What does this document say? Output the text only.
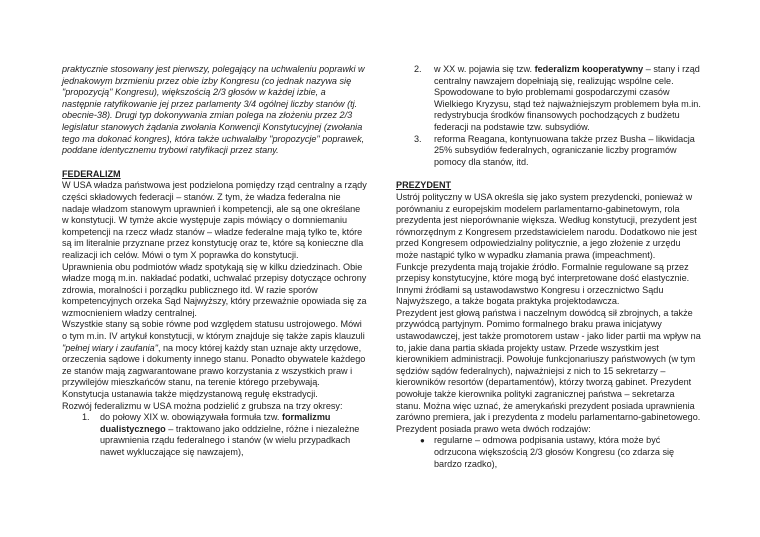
praktycznie stosowany jest pierwszy, polegający na uchwaleniu poprawki w jednakowym brzmieniu przez obie izby Kongresu (co jednak nazywa się "propozycją" Kongresu), większością 2/3 głosów w każdej izbie, a następnie ratyfikowanie jej przez parlamenty 3/4 ogólnej liczby stanów (tj. obecnie-38). Drugi typ dokonywania zmian polega na złożeniu przez 2/3 legislatur stanowych żądania zwołania Konwencji Konstytucyjnej (zwołania tego ma dokonać kongres), która także uchwalałby "propozycje" poprawek, poddane identycznemu trybowi ratyfikacji przez stany.

FEDERALIZM

W USA władza państwowa jest podzielona pomiędzy rząd centralny a rządy części składowych federacji – stanów. Z tym, że władza federalna nie nadaje władzom stanowym uprawnień i kompetencji, ale są one określane w konstytucji. W tymże akcie występuje zapis mówiący o domniemaniu kompetencji na rzecz władz stanów – władze federalne mają tylko te, które są im literalnie przyznane przez konstytucję oraz te, które są konieczne dla realizacji ich celów. Mówi o tym X poprawka do konstytucji.

Uprawnienia obu podmiotów władz spotykają się w kilku dziedzinach. Obie władze mogą m.in. nakładać podatki, uchwalać przepisy dotyczące ochrony zdrowia, moralności i porządku publicznego itd. W razie sporów kompetencyjnych orzeka Sąd Najwyższy, który przeważnie opowiada się za wzmocnieniem władzy centralnej.

Wszystkie stany są sobie równe pod względem statusu ustrojowego. Mówi o tym m.in. IV artykuł konstytucji, w którym znajduje się także zapis klauzuli "pełnej wiary i zaufania", na mocy której każdy stan uznaje akty urzędowe, orzeczenia sądowe i dokumenty innego stanu. Ponadto obywatele każdego ze stanów mają zagwarantowane prawo korzystania z wszystkich praw i przywilejów mieszkańców stanu, na terenie którego przebywają. Konstytucja ustanawia także międzystanową regułę ekstradycji.

Rozwój federalizmu w USA można podzielić z grubsza na trzy okresy:

1. do połowy XIX w. obowiązywała formuła tzw. formalizmu dualistycznego – traktowano jako oddzielne, różne i niezależne uprawnienia rządu federalnego i stanów (w wielu przypadkach nawet wykluczające się nawzajem),
2. w XX w. pojawia się tzw. federalizm kooperatywny – stany i rząd centralny nawzajem dopełniają się, realizując wspólne cele. Spowodowane to było problemami gospodarczymi czasów Wielkiego Kryzysu, stąd też najważniejszym problemem była m.in. redystrybucja środków finansowych pochodzących z budżetu federacji na podstawie tzw. subsydiów.
3. reforma Reagana, kontynuowana także przez Busha – likwidacja 25% subsydiów federalnych, ograniczanie liczby programów pomocy dla stanów, itd.

PREZYDENT

Ustrój polityczny w USA określa się jako system prezydencki, ponieważ w porównaniu z europejskim modelem parlamentarno-gabinetowym, rola prezydenta jest nieporównanie większa. Według konstytucji, prezydent jest równorzędnym z Kongresem przedstawicielem narodu. Dodatkowo nie jest przed Kongresem odpowiedzialny politycznie, a jego złożenie z urzędu może nastąpić tylko w wypadku złamania prawa (impeachment).

Funkcje prezydenta mają trojakie źródło. Formalnie regulowane są przez przepisy konstytucyjne, które mogą być interpretowane dość elastycznie. Innymi źródłami są ustawodawstwo Kongresu i orzecznictwo Sądu Najwyższego, a także bogata praktyka projektodawcza.

Prezydent jest głową państwa i naczelnym dowódcą sił zbrojnych, a także przywódcą partyjnym. Pomimo formalnego braku prawa inicjatywy ustawodawczej, jest także promotorem ustaw - jako lider partii ma wpływ na to, jakie dana partia składa projekty ustaw. Przede wszystkim jest kierownikiem administracji. Powołuje funkcjonariuszy państwowych (w tym sędziów sądów federalnych), najważniejsi z nich to 15 sekretarzy – kierowników resortów (departamentów), którzy tworzą gabinet. Prezydent powołuje także kierownika polityki zagranicznej państwa – sekretarza stanu. Można więc uznać, że amerykański prezydent posiada uprawnienia zarówno premiera, jak i prezydenta z modelu parlamentarno-gabinetowego.

Prezydent posiada prawo weta dwóch rodzajów:

● regularne – odmowa podpisania ustawy, która może być odrzucona większością 2/3 głosów Kongresu (co zdarza się bardzo rzadko),
